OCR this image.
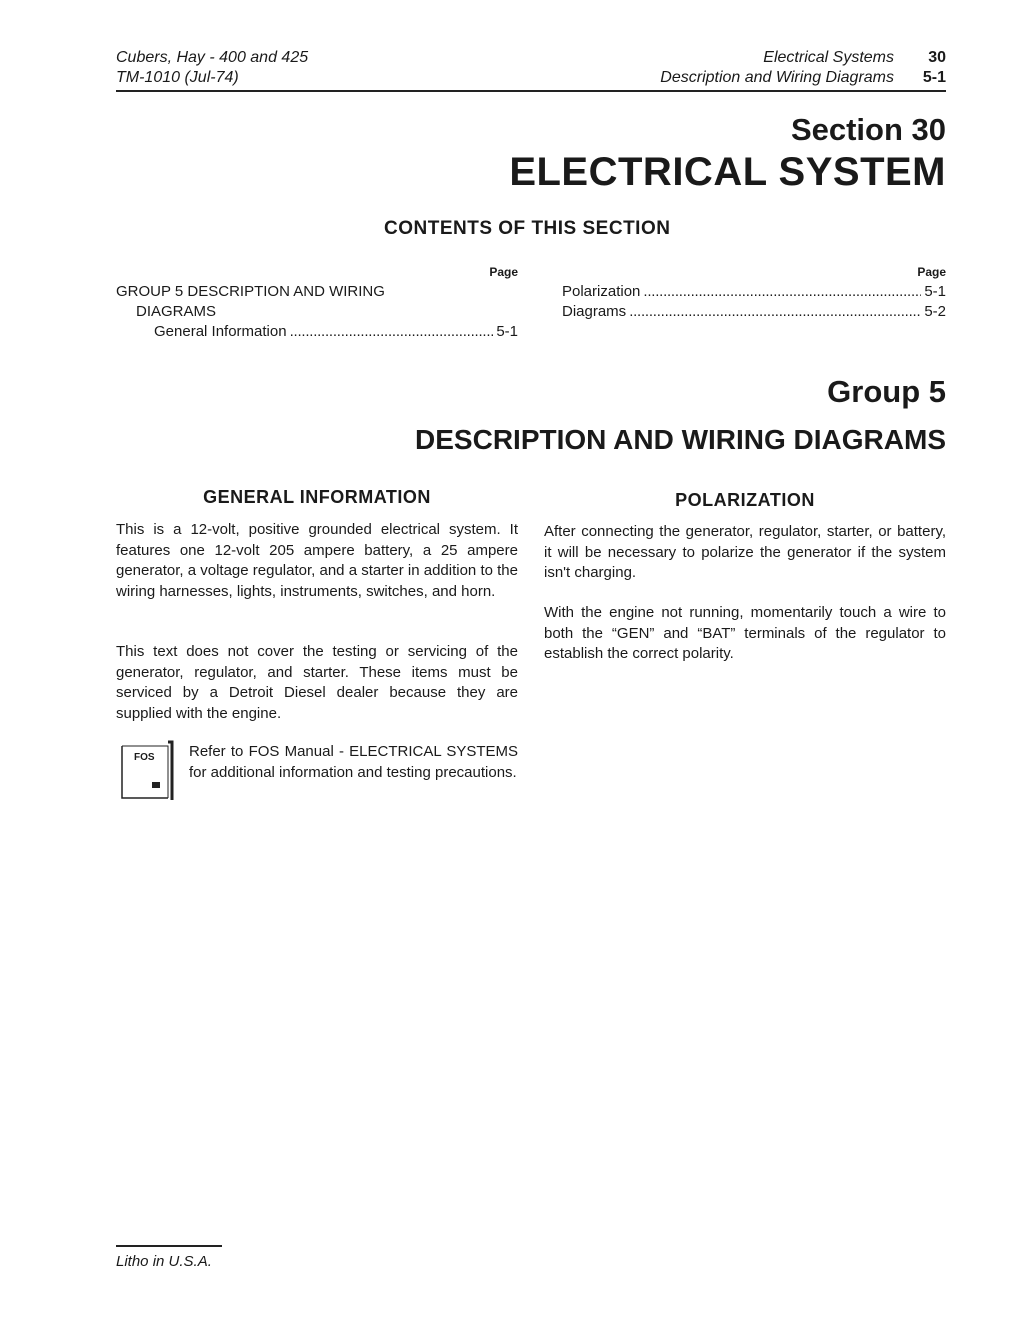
Cubers, Hay - 400 and 425
TM-1010 (Jul-74)
Electrical Systems
Description and Wiring Diagrams
30
5-1
Section 30
ELECTRICAL SYSTEM
CONTENTS OF THIS SECTION
Page
GROUP 5 DESCRIPTION AND WIRING
DIAGRAMS
General Information . . .	5-1
Page
Polarization . . .	5-1
Diagrams . . .	5-2
Group 5
DESCRIPTION AND WIRING DIAGRAMS
GENERAL INFORMATION
This is a 12-volt, positive grounded electrical system. It features one 12-volt 205 ampere battery, a 25 ampere generator, a voltage regulator, and a starter in addition to the wiring harnesses, lights, instruments, switches, and horn.
This text does not cover the testing or servicing of the generator, regulator, and starter. These items must be serviced by a Detroit Diesel dealer because they are supplied with the engine.
FOS Refer to FOS Manual - ELECTRICAL SYSTEMS for additional information and testing precautions.
POLARIZATION
After connecting the generator, regulator, starter, or battery, it will be necessary to polarize the generator if the system isn't charging.
With the engine not running, momentarily touch a wire to both the “GEN” and “BAT” terminals of the regulator to establish the correct polarity.
Litho in U.S.A.
